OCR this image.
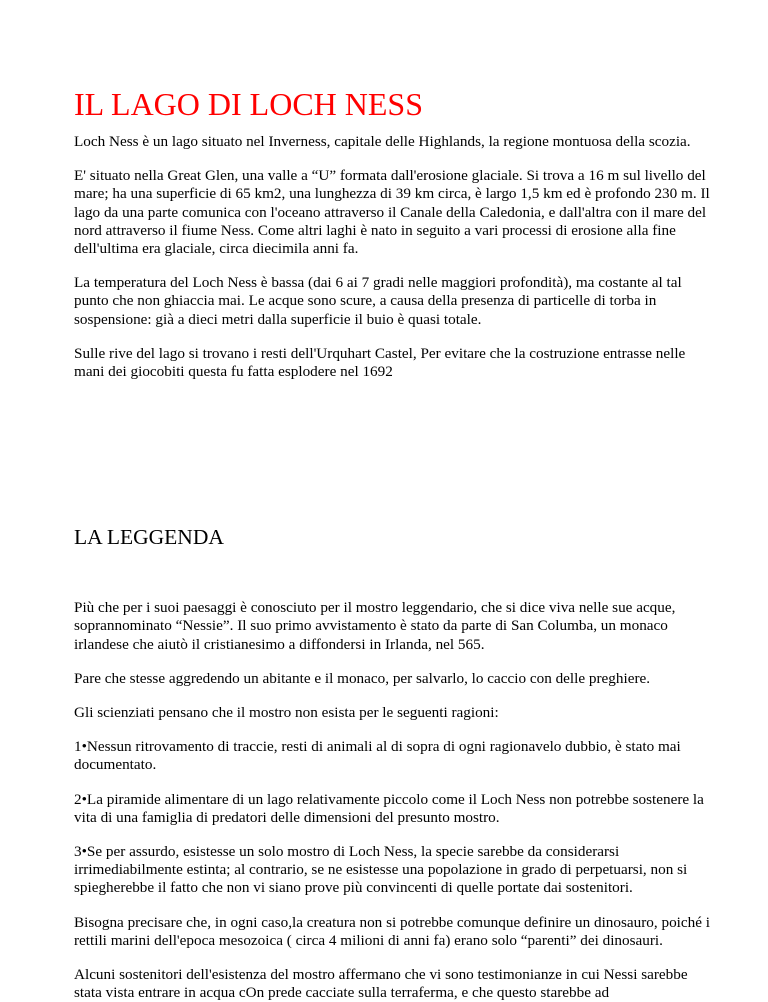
IL LAGO DI LOCH NESS

Loch Ness è un lago situato nel Inverness, capitale delle Highlands, la regione montuosa della scozia.

E' situato nella Great Glen, una valle a “U” formata dall'erosione glaciale. Si trova a 16 m sul livello del mare; ha una superficie di 65 km2, una lunghezza di 39 km circa, è largo 1,5 km ed è profondo 230 m. Il lago da una parte comunica con l'oceano attraverso il Canale della Caledonia, e dall'altra con il mare del nord attraverso il fiume Ness. Come altri laghi è nato in seguito a vari processi di erosione alla fine dell'ultima era glaciale, circa diecimila anni fa.

La temperatura del Loch Ness è bassa (dai 6 ai 7 gradi nelle maggiori profondità), ma costante al tal punto che non ghiaccia mai. Le acque sono scure, a causa della presenza di particelle di torba in sospensione: già a dieci metri dalla superficie il buio è quasi totale.

Sulle rive del lago si trovano i resti dell'Urquhart Castel, Per evitare che la costruzione entrasse nelle mani dei giocobiti questa fu fatta esplodere nel 1692

LA LEGGENDA

Più che per i suoi paesaggi è conosciuto per il mostro leggendario, che si dice viva nelle sue acque, soprannominato “Nessie”. Il suo primo avvistamento è stato da parte di San Columba, un monaco irlandese che aiutò il cristianesimo a diffondersi in Irlanda, nel 565.

Pare che stesse aggredendo un abitante e il monaco, per salvarlo, lo caccio con delle preghiere.

Gli scienziati pensano che il mostro non esista per le seguenti ragioni:

1•Nessun ritrovamento di traccie, resti di animali al di sopra di ogni ragionavelo dubbio, è stato mai documentato.

2•La piramide alimentare di un lago relativamente piccolo come il Loch Ness non potrebbe sostenere la vita di una famiglia di predatori delle dimensioni del presunto mostro.

3•Se per assurdo, esistesse un solo mostro di Loch Ness, la specie sarebbe da considerarsi irrimediabilmente estinta; al contrario, se ne esistesse una popolazione in grado di perpetuarsi, non si spiegherebbe il fatto che non vi siano prove più convincenti di quelle portate dai sostenitori.

Bisogna precisare che, in ogni caso,la creatura non si potrebbe comunque definire un dinosauro, poiché i rettili marini dell'epoca mesozoica ( circa 4 milioni di anni fa) erano solo “parenti” dei dinosauri.

Alcuni sostenitori dell'esistenza del mostro affermano che vi sono testimonianze in cui Nessi sarebbe stata vista entrare in acqua cOn prede cacciate sulla terraferma, e che questo starebbe ad
